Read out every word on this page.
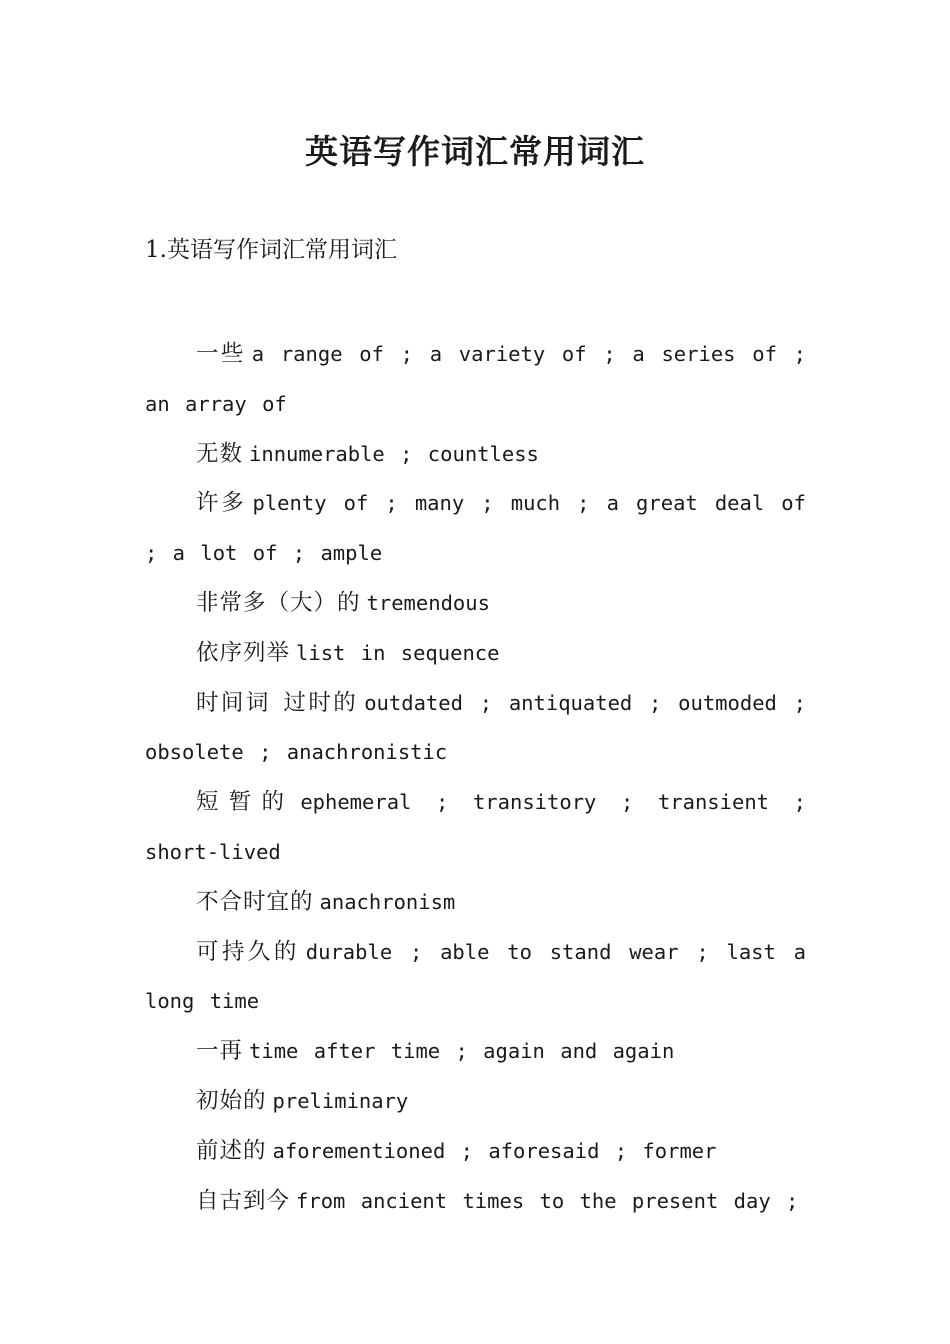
英语写作词汇常用词汇

1.英语写作词汇常用词汇

一些 a range of ; a variety of ; a series of ; an array of
无数 innumerable ; countless
许多 plenty of ; many ; much ; a great deal of ; a lot of ; ample
非常多（大）的 tremendous
依序列举 list in sequence
时间词 过时的 outdated ; antiquated ; outmoded ; obsolete ; anachronistic
短暂的 ephemeral ; transitory ; transient ; short-lived
不合时宜的 anachronism
可持久的 durable ; able to stand wear ; last a long time
一再 time after time ; again and again
初始的 preliminary
前述的 aforementioned ; aforesaid ; former
自古到今 from ancient times to the present day ;
